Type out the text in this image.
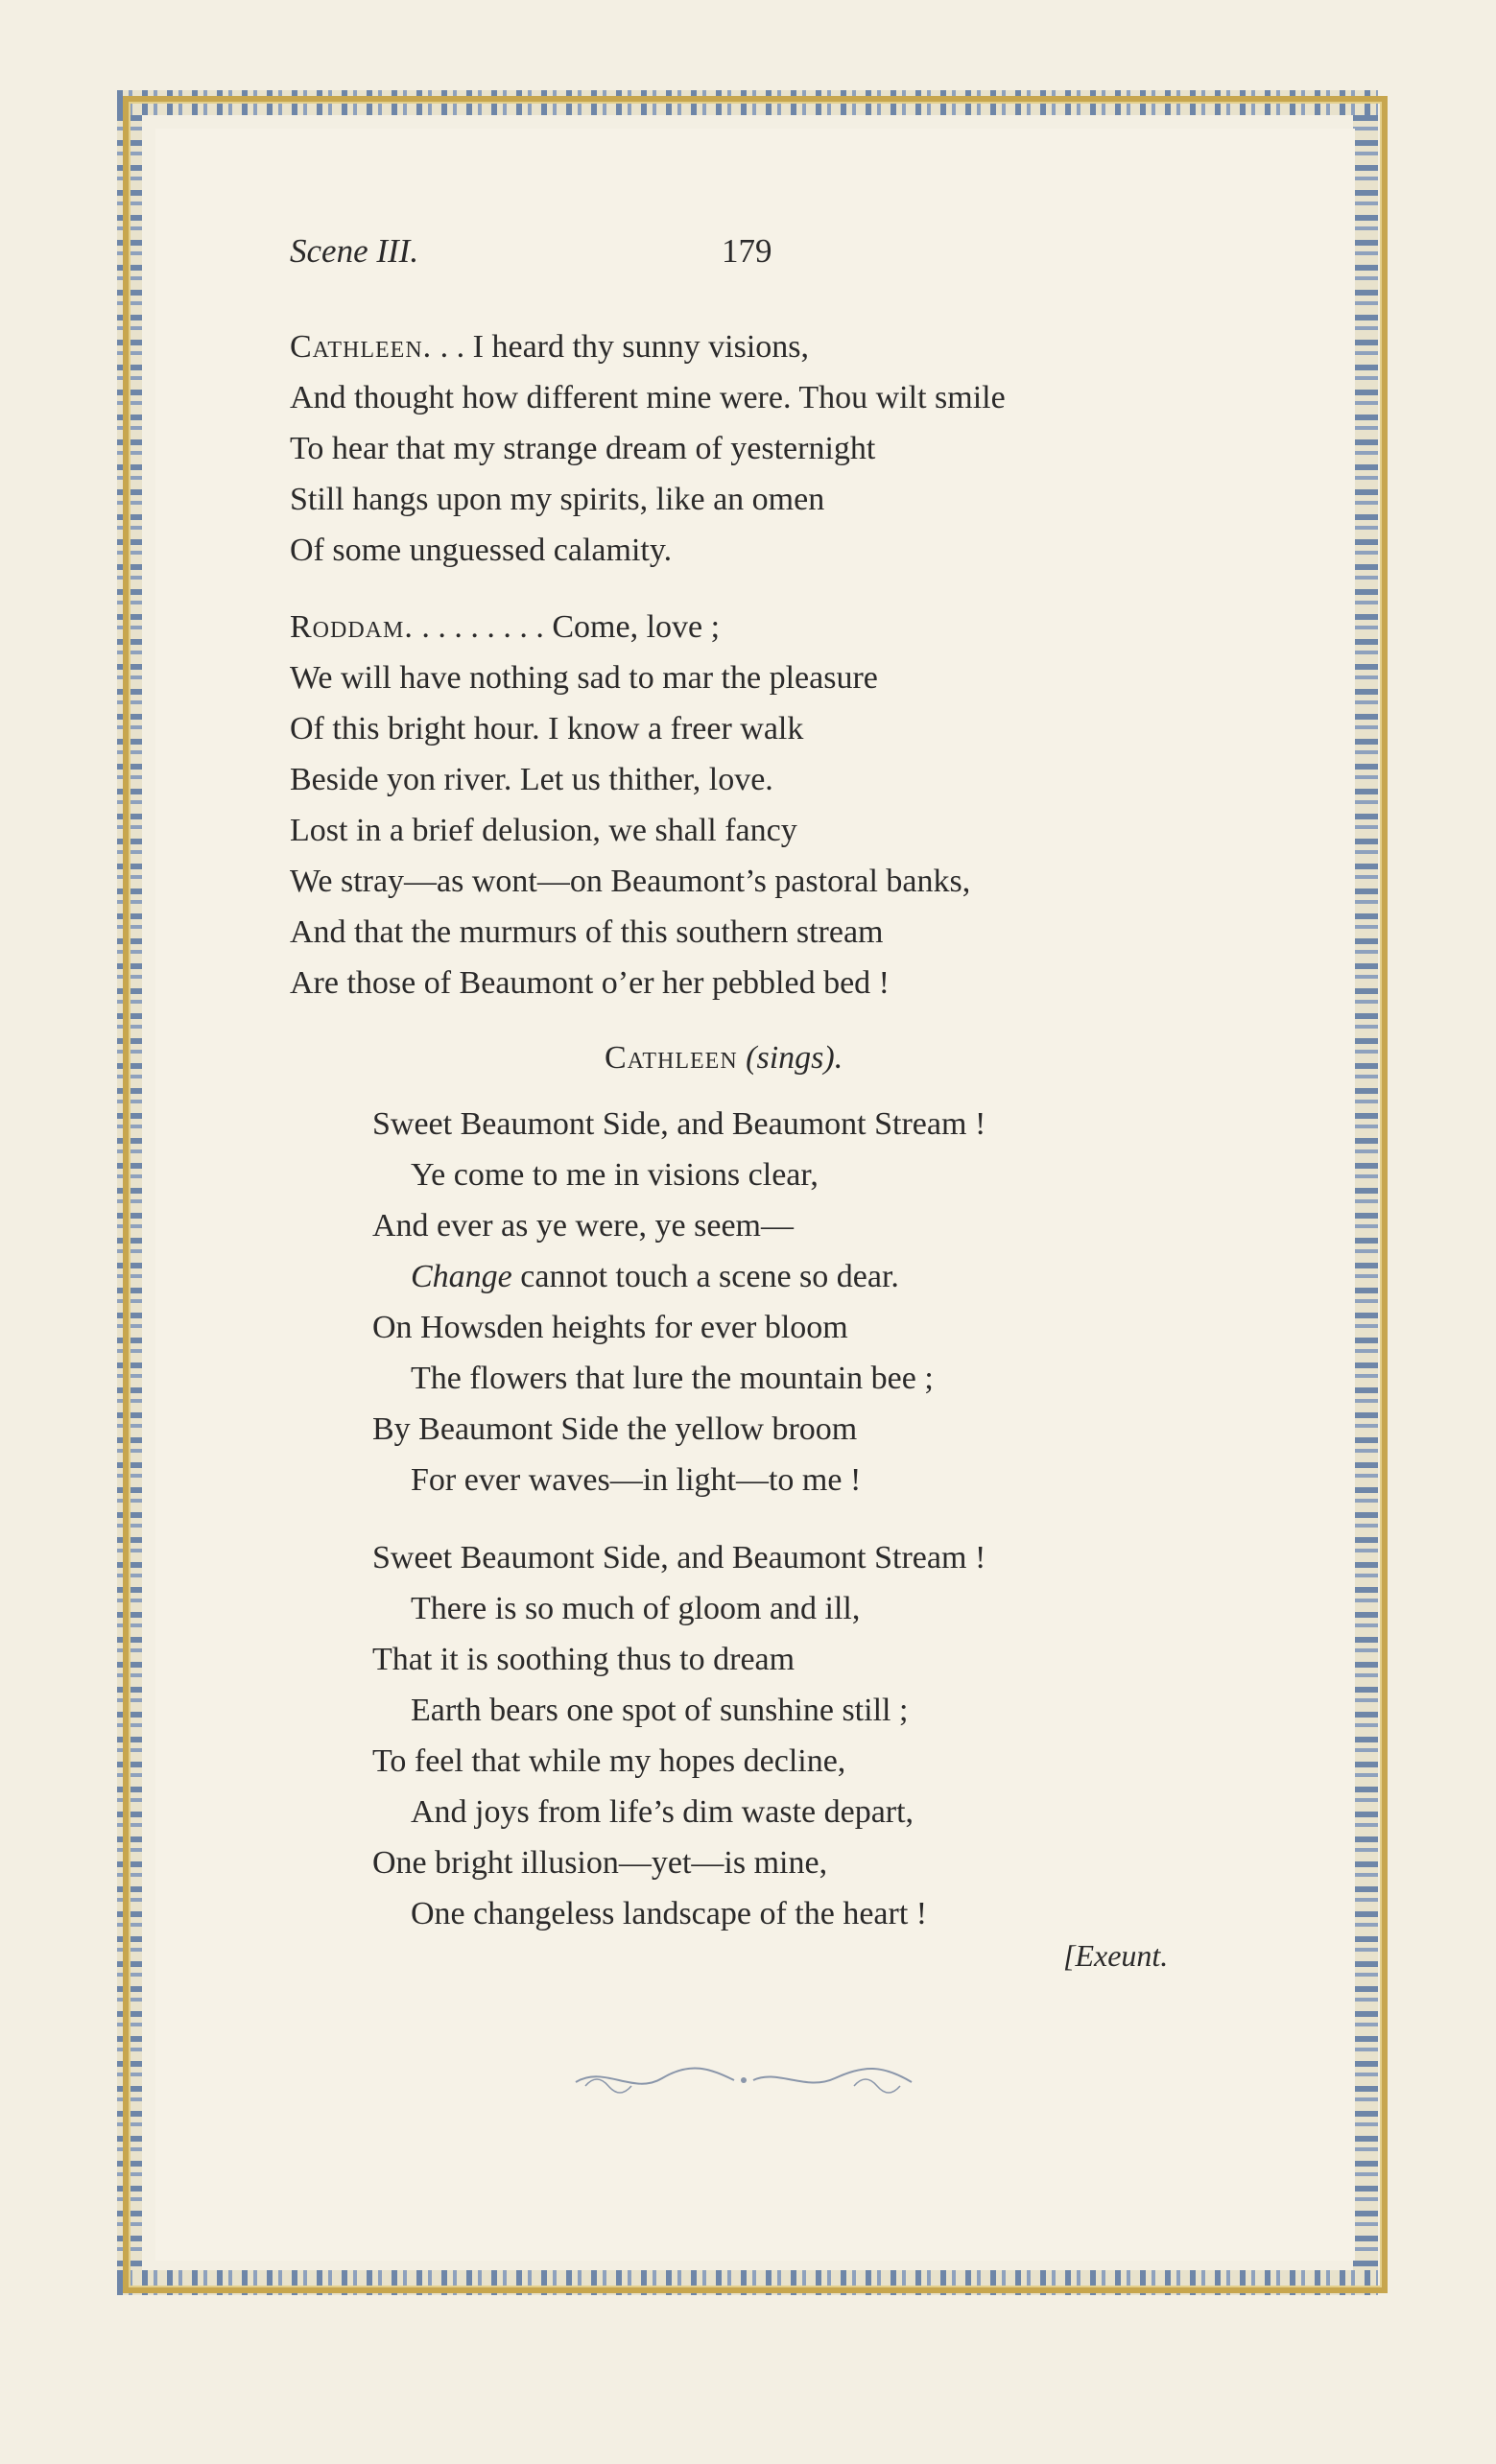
Scene III.	179
Cathleen. . . I heard thy sunny visions,
And thought how different mine were. Thou wilt smile
To hear that my strange dream of yesternight
Still hangs upon my spirits, like an omen
Of some unguessed calamity.
Roddam. . . . . . . . . Come, love ;
We will have nothing sad to mar the pleasure
Of this bright hour. I know a freer walk
Beside yon river. Let us thither, love.
Lost in a brief delusion, we shall fancy
We stray—as wont—on Beaumont’s pastoral banks,
And that the murmurs of this southern stream
Are those of Beaumont o’er her pebbled bed !
Cathleen (sings).
Sweet Beaumont Side, and Beaumont Stream !
Ye come to me in visions clear,
And ever as ye were, ye seem—
Change cannot touch a scene so dear.
On Howsden heights for ever bloom
The flowers that lure the mountain bee ;
By Beaumont Side the yellow broom
For ever waves—in light—to me !
Sweet Beaumont Side, and Beaumont Stream !
There is so much of gloom and ill,
That it is soothing thus to dream
Earth bears one spot of sunshine still ;
To feel that while my hopes decline,
And joys from life’s dim waste depart,
One bright illusion—yet—is mine,
One changeless landscape of the heart !
[Exeunt.
